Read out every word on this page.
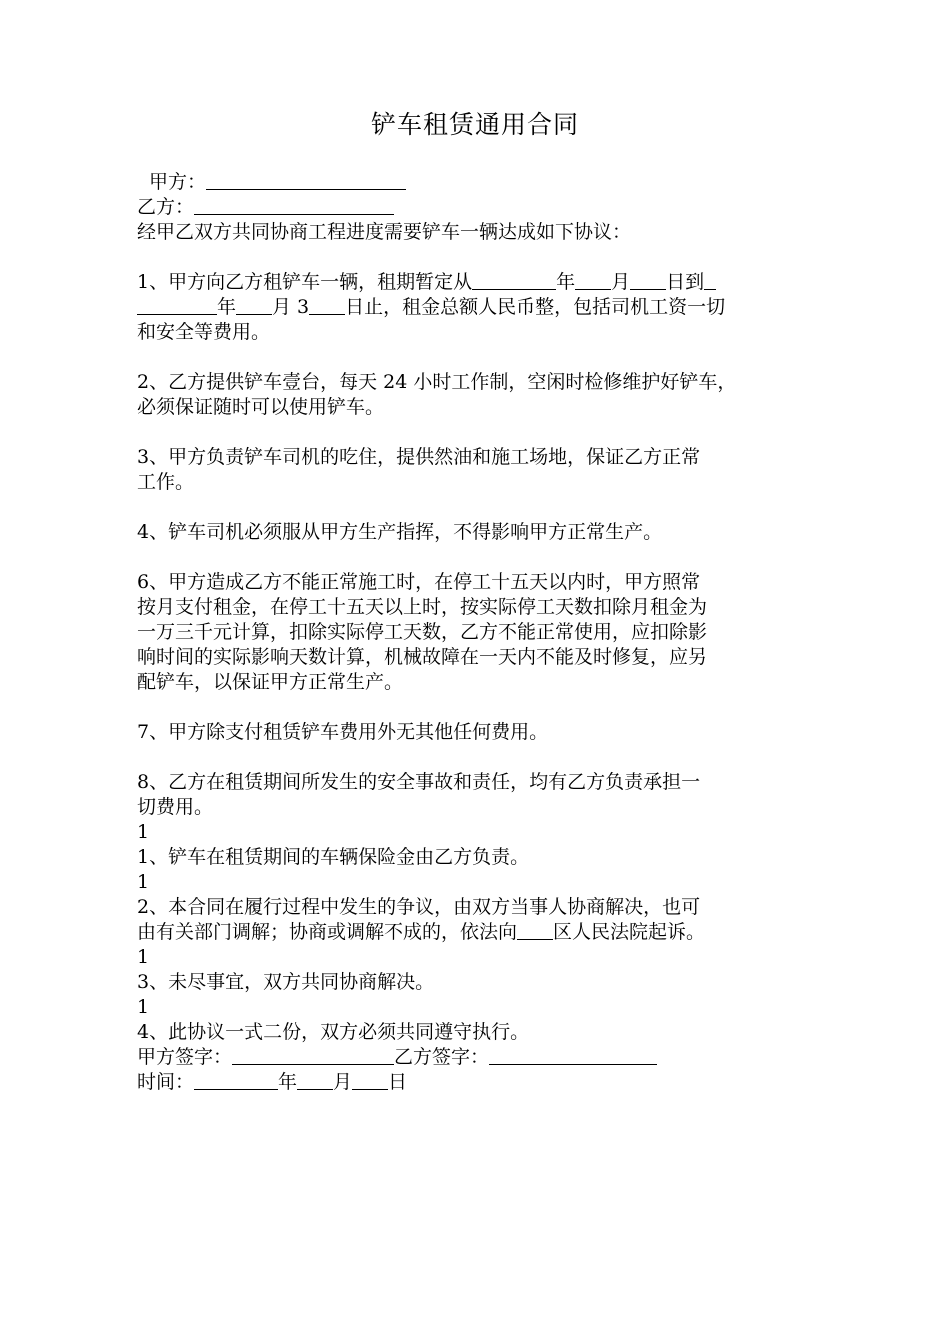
铲车租赁通用合同
甲方：
乙方：
经甲乙双方共同协商工程进度需要铲车一辆达成如下协议：
1、甲方向乙方租铲车一辆，租期暂定从	年 月 日到
年 月 3 日止，租金总额人民币整，包括司机工资一切
和安全等费用。
2、乙方提供铲车壹台，每天 24 小时工作制，空闲时检修维护好铲车，
必须保证随时可以使用铲车。
3、甲方负责铲车司机的吃住，提供然油和施工场地，保证乙方正常
工作。
4、铲车司机必须服从甲方生产指挥，不得影响甲方正常生产。
6、甲方造成乙方不能正常施工时，在停工十五天以内时，甲方照常
按月支付租金，在停工十五天以上时，按实际停工天数扣除月租金为
一万三千元计算，扣除实际停工天数，乙方不能正常使用，应扣除影
响时间的实际影响天数计算，机械故障在一天内不能及时修复，应另
配铲车，以保证甲方正常生产。
7、甲方除支付租赁铲车费用外无其他任何费用。
8、乙方在租赁期间所发生的安全事故和责任，均有乙方负责承担一
切费用。
1
1、铲车在租赁期间的车辆保险金由乙方负责。
1
2、本合同在履行过程中发生的争议，由双方当事人协商解决，也可
由有关部门调解；协商或调解不成的，依法向 区人民法院起诉。
1
3、未尽事宜，双方共同协商解决。
1
4、此协议一式二份，双方必须共同遵守执行。
甲方签字：	乙方签字：
时间：	年 月 日
